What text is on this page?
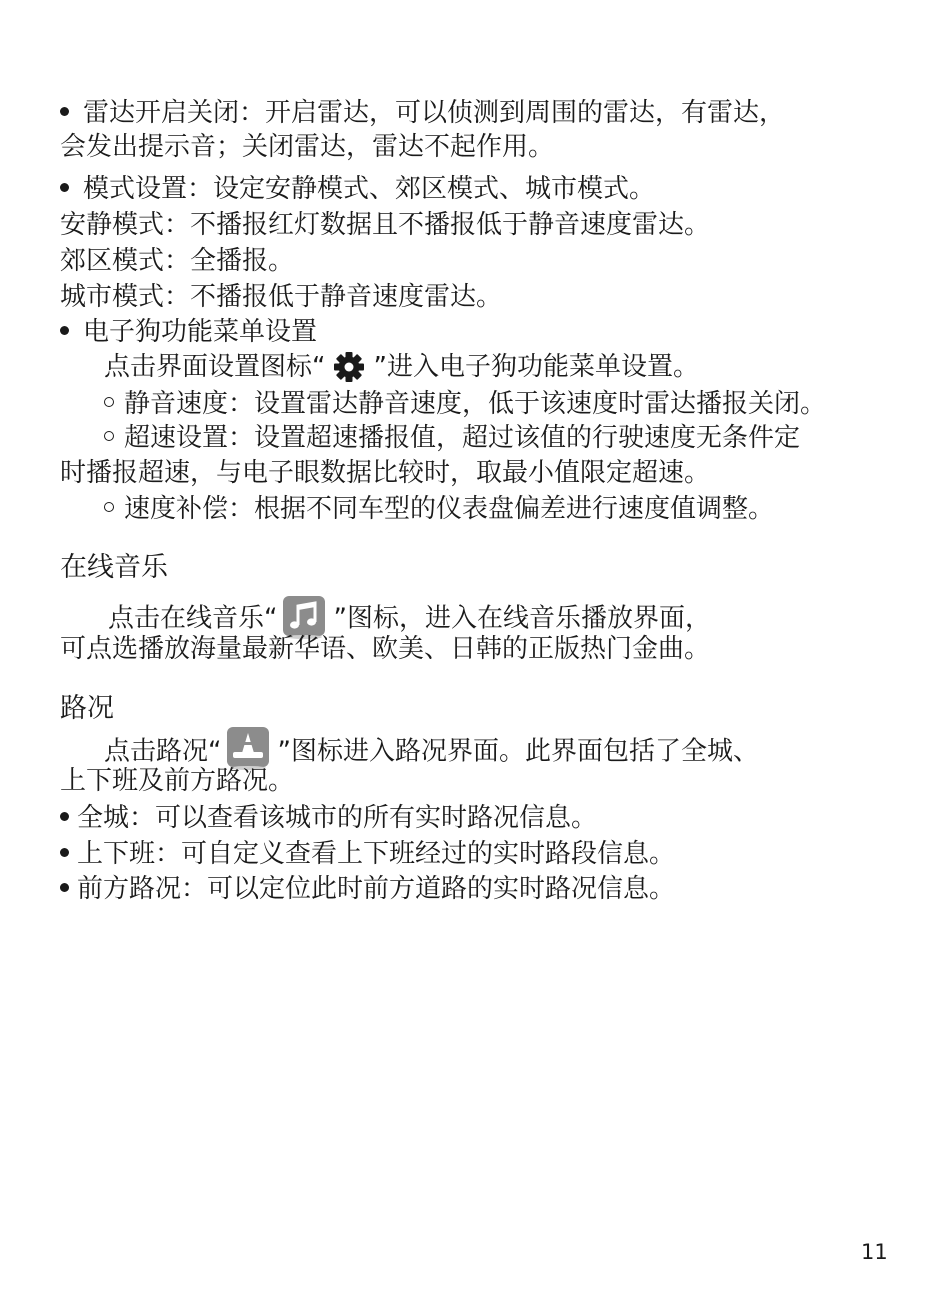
雷达开启关闭：开启雷达，可以侦测到周围的雷达，有雷达，
会发出提示音；关闭雷达，雷达不起作用。
模式设置：设定安静模式、郊区模式、城市模式。
安静模式：不播报红灯数据且不播报低于静音速度雷达。
郊区模式：全播报。
城市模式：不播报低于静音速度雷达。
电子狗功能菜单设置
点击界面设置图标“ ”进入电子狗功能菜单设置。
静音速度：设置雷达静音速度，低于该速度时雷达播报关闭。
超速设置：设置超速播报值，超过该值的行驶速度无条件定
时播报超速，与电子眼数据比较时，取最小值限定超速。
速度补偿：根据不同车型的仪表盘偏差进行速度值调整。
在线音乐
点击在线音乐“ ”图标，进入在线音乐播放界面，
可点选播放海量最新华语、欧美、日韩的正版热门金曲。
路况
点击路况“ ”图标进入路况界面。此界面包括了全城、
上下班及前方路况。
全城：可以查看该城市的所有实时路况信息。
上下班：可自定义查看上下班经过的实时路段信息。
前方路况：可以定位此时前方道路的实时路况信息。
11
